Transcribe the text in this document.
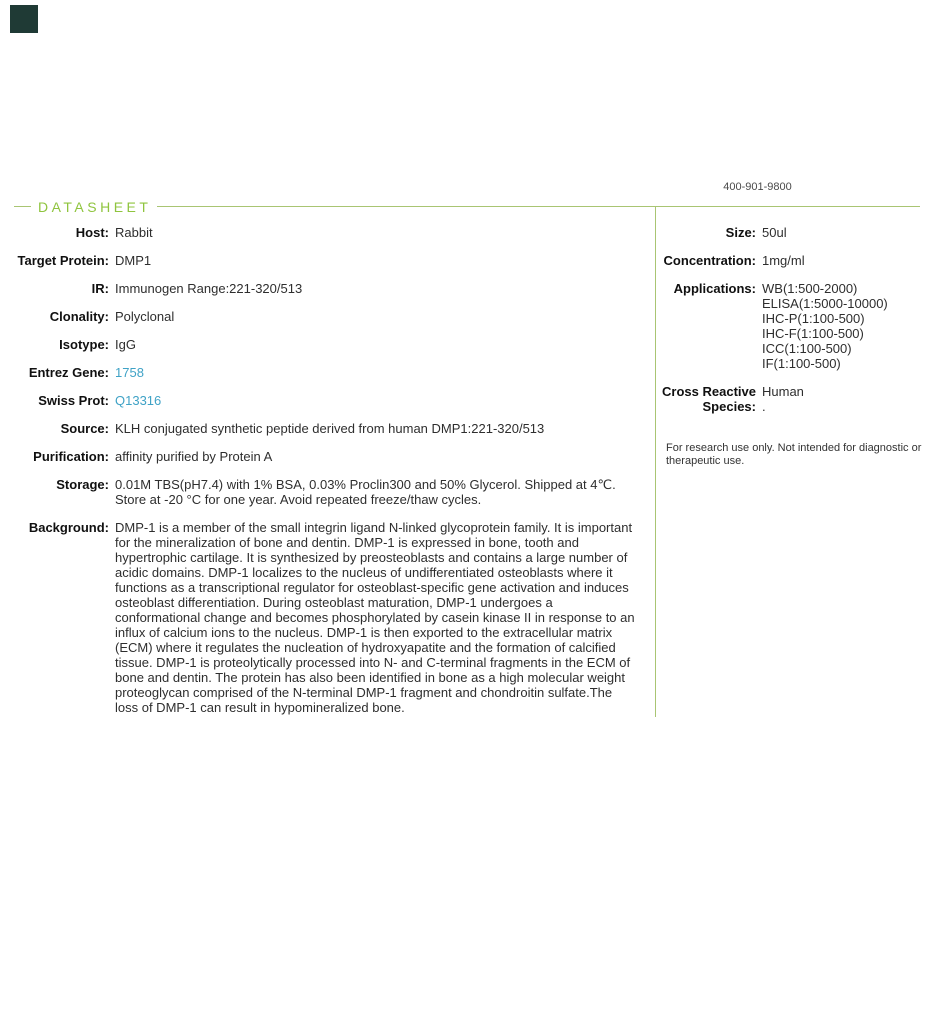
DATASHEET
400-901-9800
Host: Rabbit
Target Protein: DMP1
IR: Immunogen Range:221-320/513
Clonality: Polyclonal
Isotype: IgG
Entrez Gene: 1758
Swiss Prot: Q13316
Source: KLH conjugated synthetic peptide derived from human DMP1:221-320/513
Purification: affinity purified by Protein A
Storage: 0.01M TBS(pH7.4) with 1% BSA, 0.03% Proclin300 and 50% Glycerol. Shipped at 4℃. Store at -20 °C for one year. Avoid repeated freeze/thaw cycles.
Background: DMP-1 is a member of the small integrin ligand N-linked glycoprotein family. It is important for the mineralization of bone and dentin. DMP-1 is expressed in bone, tooth and hypertrophic cartilage. It is synthesized by preosteoblasts and contains a large number of acidic domains. DMP-1 localizes to the nucleus of undifferentiated osteoblasts where it functions as a transcriptional regulator for osteoblast-specific gene activation and induces osteoblast differentiation. During osteoblast maturation, DMP-1 undergoes a conformational change and becomes phosphorylated by casein kinase II in response to an influx of calcium ions to the nucleus. DMP-1 is then exported to the extracellular matrix (ECM) where it regulates the nucleation of hydroxyapatite and the formation of calcified tissue. DMP-1 is proteolytically processed into N- and C-terminal fragments in the ECM of bone and dentin. The protein has also been identified in bone as a high molecular weight proteoglycan comprised of the N-terminal DMP-1 fragment and chondroitin sulfate.The loss of DMP-1 can result in hypomineralized bone.
Size: 50ul
Concentration: 1mg/ml
Applications: WB(1:500-2000)
ELISA(1:5000-10000)
IHC-P(1:100-500)
IHC-F(1:100-500)
ICC(1:100-500)
IF(1:100-500)
Cross Reactive Species:
Human
.
For research use only. Not intended for diagnostic or therapeutic use.
